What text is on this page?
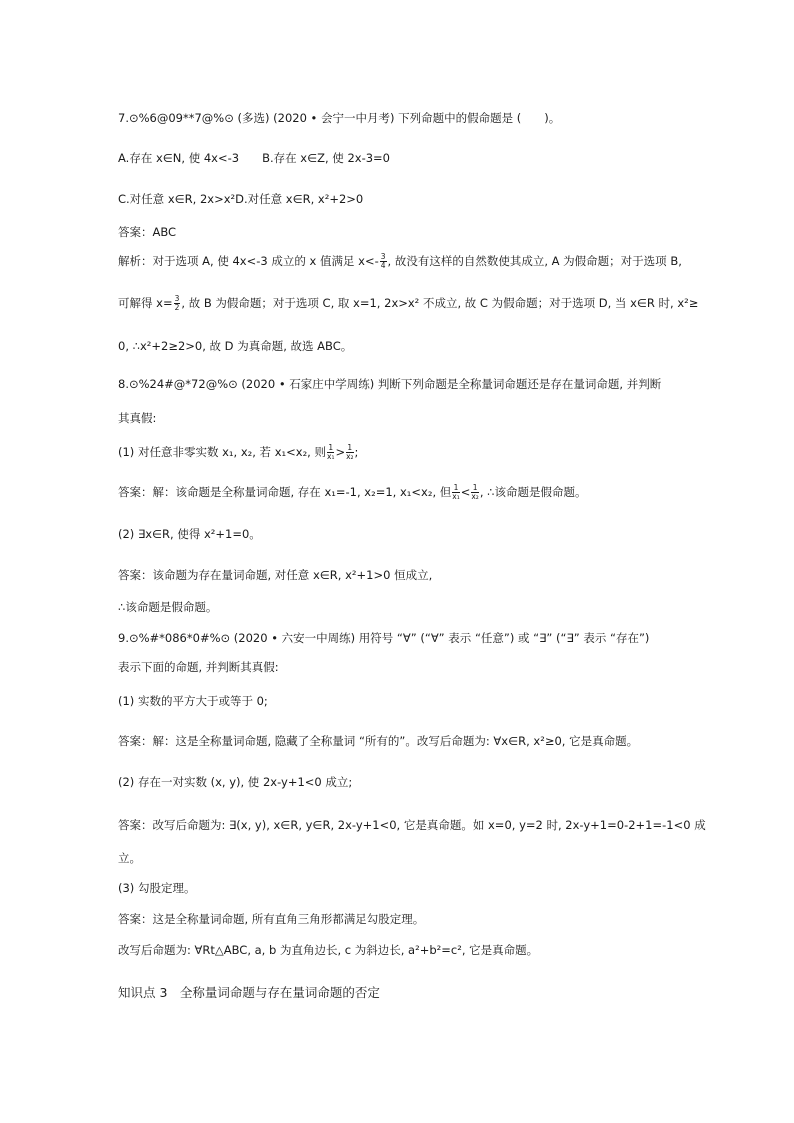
7.⊙%6@09**7@%⊙ (多选) (2020 • 会宁一中月考) 下列命题中的假命题是 (　　)。
A.存在 x∈N, 使 4x<-3　　B.存在 x∈Z, 使 2x-3=0
C.对任意 x∈R, 2x>x²D.对任意 x∈R, x²+2>0
答案：ABC
解析：对于选项 A, 使 4x<-3 成立的 x 值满足 $x<- \frac{3}{4}$ , 故没有这样的自然数使其成立, A 为假命题；对于选项 B,
可解得 $x= \frac{3}{2}$ , 故 B 为假命题；对于选项 C, 取 x=1, 2x>x² 不成立, 故 C 为假命题；对于选项 D, 当 x∈R 时, x²≥
0, ∴x²+2≥2>0, 故 D 为真命题, 故选 ABC。
8.⊙%24#@*72@%⊙ (2020 • 石家庄中学周练) 判断下列命题是全称量词命题还是存在量词命题, 并判断
其真假:
(1) 对任意非零实数 x₁, x₂, 若 x₁<x₂, 则 $\frac{1}{\text{x₁}} > \frac{1}{\text{x₂}}$ ;
答案：解：该命题是全称量词命题, 存在 x₁=-1, x₂=1, x₁<x₂, 但 $\frac{1}{\text{x₁}} < \frac{1}{\text{x₂}}$ , ∴该命题是假命题。
(2) ∃x∈R, 使得 x²+1=0。
答案：该命题为存在量词命题, 对任意 x∈R, x²+1>0 恒成立,
∴该命题是假命题。
9.⊙%#*086*0#%⊙ (2020 • 六安一中周练) 用符号 “∀” (“∀” 表示 “任意”) 或 “∃” (“∃” 表示 “存在”)
表示下面的命题, 并判断其真假:
(1) 实数的平方大于或等于 0;
答案：解：这是全称量词命题, 隐藏了全称量词 “所有的”。改写后命题为: ∀x∈R, x²≥0, 它是真命题。
(2) 存在一对实数 (x, y), 使 2x-y+1<0 成立;
答案：改写后命题为: ∃(x, y), x∈R, y∈R, 2x-y+1<0, 它是真命题。如 x=0, y=2 时, 2x-y+1=0-2+1=-1<0 成
立。
(3) 勾股定理。
答案：这是全称量词命题, 所有直角三角形都满足勾股定理。
改写后命题为: ∀Rt△ABC, a, b 为直角边长, c 为斜边长, a²+b²=c², 它是真命题。
知识点 3　全称量词命题与存在量词命题的否定
